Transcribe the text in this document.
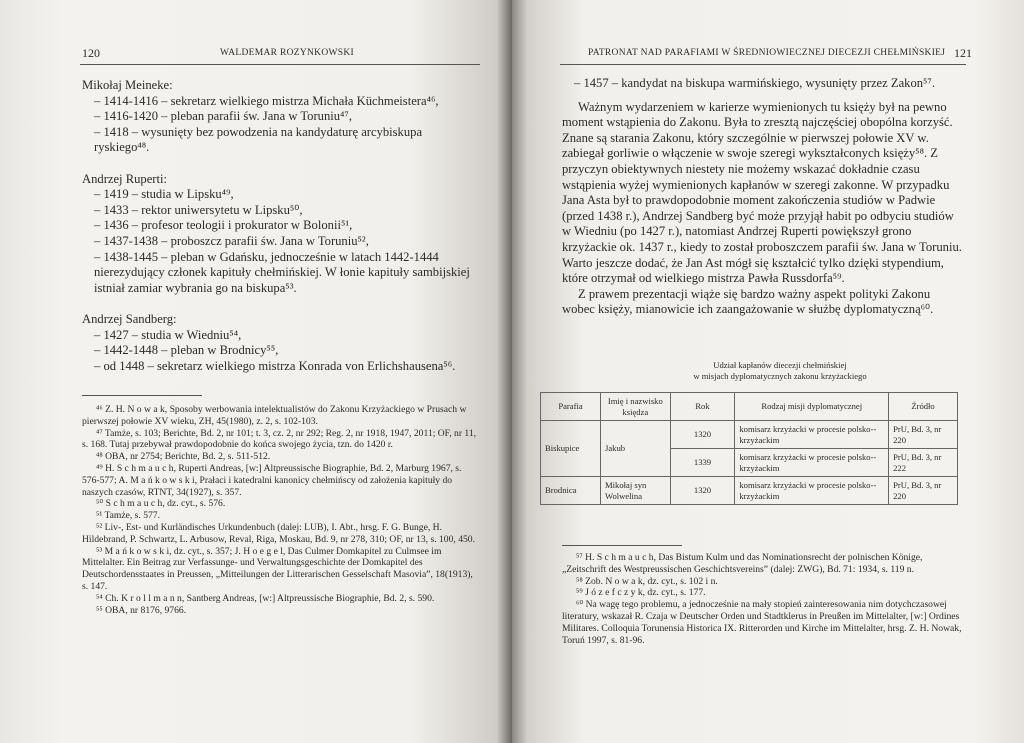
120	WALDEMAR ROZYNKOWSKI

Mikołaj Meineke:

– 1414-1416 – sekretarz wielkiego mistrza Michała Küchmeistera⁴⁶,

– 1416-1420 – pleban parafii św. Jana w Toruniu⁴⁷,

– 1418 – wysunięty bez powodzenia na kandydaturę arcybiskupa ryskiego⁴⁸.

Andrzej Ruperti:

– 1419 – studia w Lipsku⁴⁹,

– 1433 – rektor uniwersytetu w Lipsku⁵⁰,

– 1436 – profesor teologii i prokurator w Bolonii⁵¹,

– 1437-1438 – proboszcz parafii św. Jana w Toruniu⁵²,

– 1438-1445 – pleban w Gdańsku, jednocześnie w latach 1442-1444 nierezydujący członek kapituły chełmińskiej. W łonie kapituły sambijskiej istniał zamiar wybrania go na biskupa⁵³.

Andrzej Sandberg:

– 1427 – studia w Wiedniu⁵⁴,

– 1442-1448 – pleban w Brodnicy⁵⁵,

– od 1448 – sekretarz wielkiego mistrza Konrada von Erlichshausena⁵⁶.

⁴⁶ Z. H. N o w a k, Sposoby werbowania intelektualistów do Zakonu Krzyżackiego w Prusach w pierwszej połowie XV wieku, ZH, 45(1980), z. 2, s. 102-103.

⁴⁷ Tamże, s. 103; Berichte, Bd. 2, nr 101; t. 3, cz. 2, nr 292; Reg. 2, nr 1918, 1947, 2011; OF, nr 11, s. 168. Tutaj przebywał prawdopodobnie do końca swojego życia, tzn. do 1420 r.

⁴⁸ OBA, nr 2754; Berichte, Bd. 2, s. 511-512.

⁴⁹ H. S c h m a u c h, Ruperti Andreas, [w:] Altpreussische Biographie, Bd. 2, Marburg 1967, s. 576-577; A. M a ń k o w s k i, Prałaci i katedralni kanonicy chełmińscy od założenia kapituły do naszych czasów, RTNT, 34(1927), s. 357.

⁵⁰ S c h m a u c h, dz. cyt., s. 576.

⁵¹ Tamże, s. 577.

⁵² Liv-, Est- und Kurländisches Urkundenbuch (dalej: LUB), I. Abt., hrsg. F. G. Bunge, H. Hildebrand, P. Schwartz, L. Arbusow, Reval, Riga, Moskau, Bd. 9, nr 278, 310; OF, nr 13, s. 100, 450.

⁵³ M a ń k o w s k i, dz. cyt., s. 357; J. H o e g e l, Das Culmer Domkapitel zu Culmsee im Mittelalter. Ein Beitrag zur Verfassunge- und Verwaltungsgeschichte der Domkapitel des Deutschordensstaates in Preussen, „Mitteilungen der Litterarischen Gesselschaft Masovia”, 18(1913), s. 147.

⁵⁴ Ch. K r o l l m a n n, Santberg Andreas, [w:] Altpreussische Biographie, Bd. 2, s. 590.

⁵⁵ OBA, nr 8176, 9766.

PATRONAT NAD PARAFIAMI W ŚREDNIOWIECZNEJ DIECEZJI CHEŁMIŃSKIEJ 121

– 1457 – kandydat na biskupa warmińskiego, wysunięty przez Zakon⁵⁷.

Ważnym wydarzeniem w karierze wymienionych tu księży był na pewno moment wstąpienia do Zakonu. Była to zresztą najczęściej obopólna korzyść. Znane są starania Zakonu, który szczególnie w pierwszej połowie XV w. zabiegał gorliwie o włączenie w swoje szeregi wykształconych księży⁵⁸. Z przyczyn obiektywnych niestety nie możemy wskazać dokładnie czasu wstąpienia wyżej wymienionych kapłanów w szeregi zakonne. W przypadku Jana Asta był to prawdopodobnie moment zakończenia studiów w Padwie (przed 1438 r.), Andrzej Sandberg być może przyjął habit po odbyciu studiów w Wiedniu (po 1427 r.), natomiast Andrzej Ruperti powiększył grono krzyżackie ok. 1437 r., kiedy to został proboszczem parafii św. Jana w Toruniu. Warto jeszcze dodać, że Jan Ast mógł się kształcić tylko dzięki stypendium, które otrzymał od wielkiego mistrza Pawła Russdorfa⁵⁹.

Z prawem prezentacji wiąże się bardzo ważny aspekt polityki Zakonu wobec księży, mianowicie ich zaangażowanie w służbę dyplomatyczną⁶⁰.

Udział kapłanów diecezji chełmińskiej
w misjach dyplomatycznych zakonu krzyżackiego
Parafia	Imię i nazwisko księdza	Rok	Rodzaj misji dyplomatycznej	Źródło
Biskupice	Jakub	1320	komisarz krzyżacki w procesie polsko--krzyżackim	PrU, Bd. 3, nr 220
		1339	komisarz krzyżacki w procesie polsko--krzyżackim	PrU, Bd. 3, nr 222
Brodnica	Mikołaj syn Wolwelina	1320	komisarz krzyżacki w procesie polsko--krzyżackim	PrU, Bd. 3, nr 220

⁵⁷ H. S c h m a u c h, Das Bistum Kulm und das Nominationsrecht der polnischen Könige, „Zeitschrift des Westpreussischen Geschichtsvereins” (dalej: ZWG), Bd. 71: 1934, s. 119 n.

⁵⁸ Zob. N o w a k, dz. cyt., s. 102 i n.

⁵⁹ J ó z e f c z y k, dz. cyt., s. 177.

⁶⁰ Na wagę tego problemu, a jednocześnie na mały stopień zainteresowania nim dotychczasowej literatury, wskazał R. Czaja w Deutscher Orden und Stadtklerus in Preußen im Mittelalter, [w:] Ordines Militares. Colloquia Torunensia Historica IX. Ritterorden und Kirche im Mittelalter, hrsg. Z. H. Nowak, Toruń 1997, s. 81-96.
